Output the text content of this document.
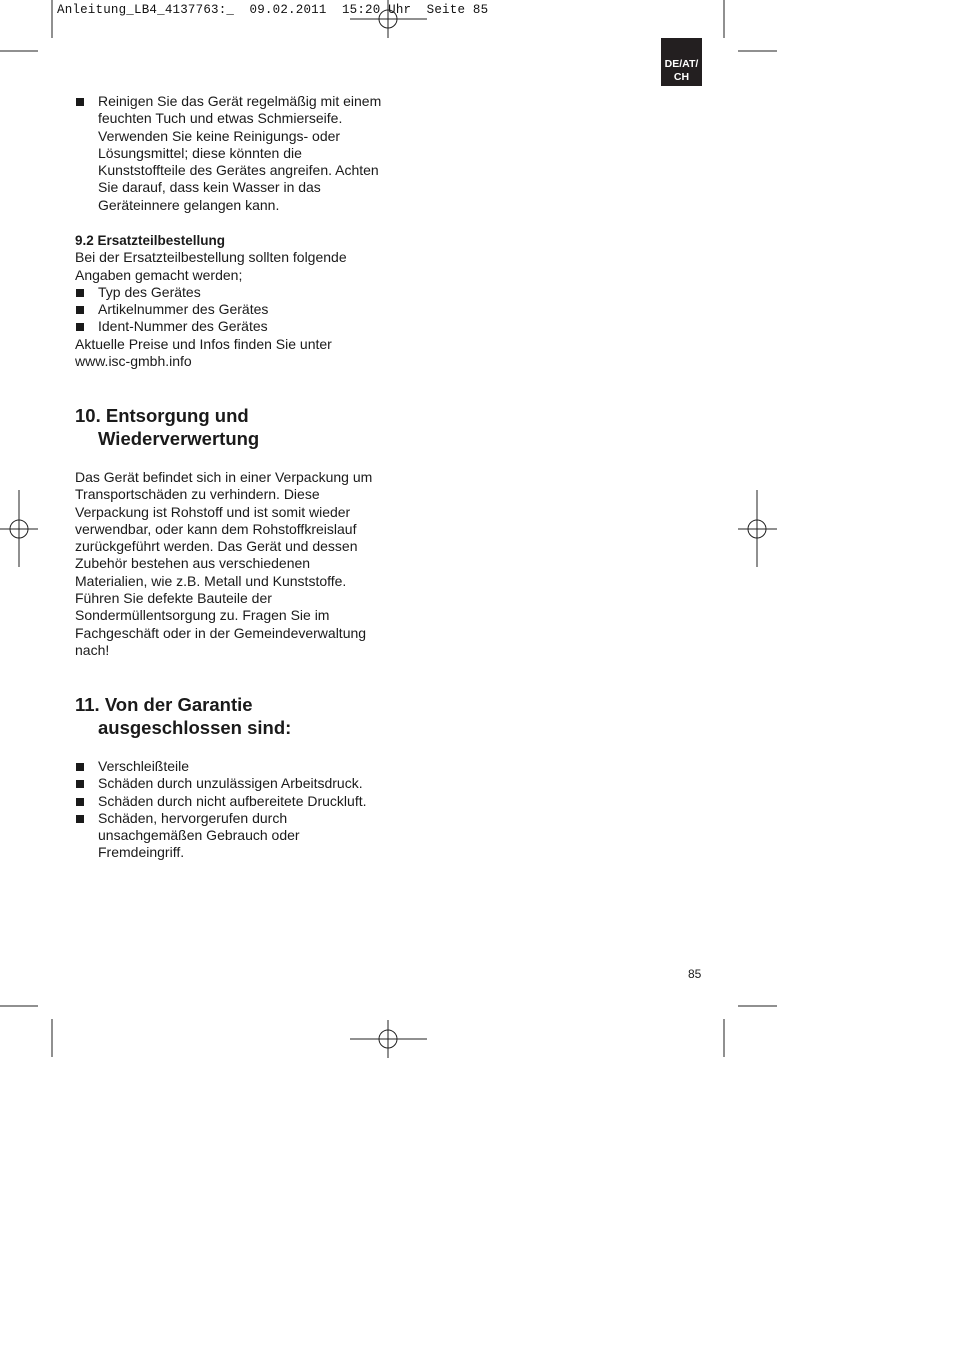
Anleitung_LB4_4137763:_  09.02.2011  15:20 Uhr  Seite 85
DE/AT/
CH
Reinigen Sie das Gerät regelmäßig mit einem feuchten Tuch und etwas Schmierseife. Verwenden Sie keine Reinigungs- oder Lösungsmittel; diese könnten die Kunststoffteile des Gerätes angreifen. Achten Sie darauf, dass kein Wasser in das Geräteinnere gelangen kann.

9.2 Ersatzteilbestellung

Bei der Ersatzteilbestellung sollten folgende Angaben gemacht werden;

Typ des Gerätes
Artikelnummer des Gerätes
Ident-Nummer des Gerätes

Aktuelle Preise und Infos finden Sie unter www.isc-gmbh.info

10. Entsorgung und
Wiederverwertung

Das Gerät befindet sich in einer Verpackung um Transportschäden zu verhindern. Diese Verpackung ist Rohstoff und ist somit wieder verwendbar, oder kann dem Rohstoffkreislauf zurückgeführt werden. Das Gerät und dessen Zubehör bestehen aus verschiedenen Materialien, wie z.B. Metall und Kunststoffe. Führen Sie defekte Bauteile der Sondermüllentsorgung zu. Fragen Sie im Fachgeschäft oder in der Gemeindeverwaltung nach!

11. Von der Garantie
ausgeschlossen sind:
Verschleißteile
Schäden durch unzulässigen Arbeitsdruck.
Schäden durch nicht aufbereitete Druckluft.
Schäden, hervorgerufen durch unsachgemäßen Gebrauch oder Fremdeingriff.
85
